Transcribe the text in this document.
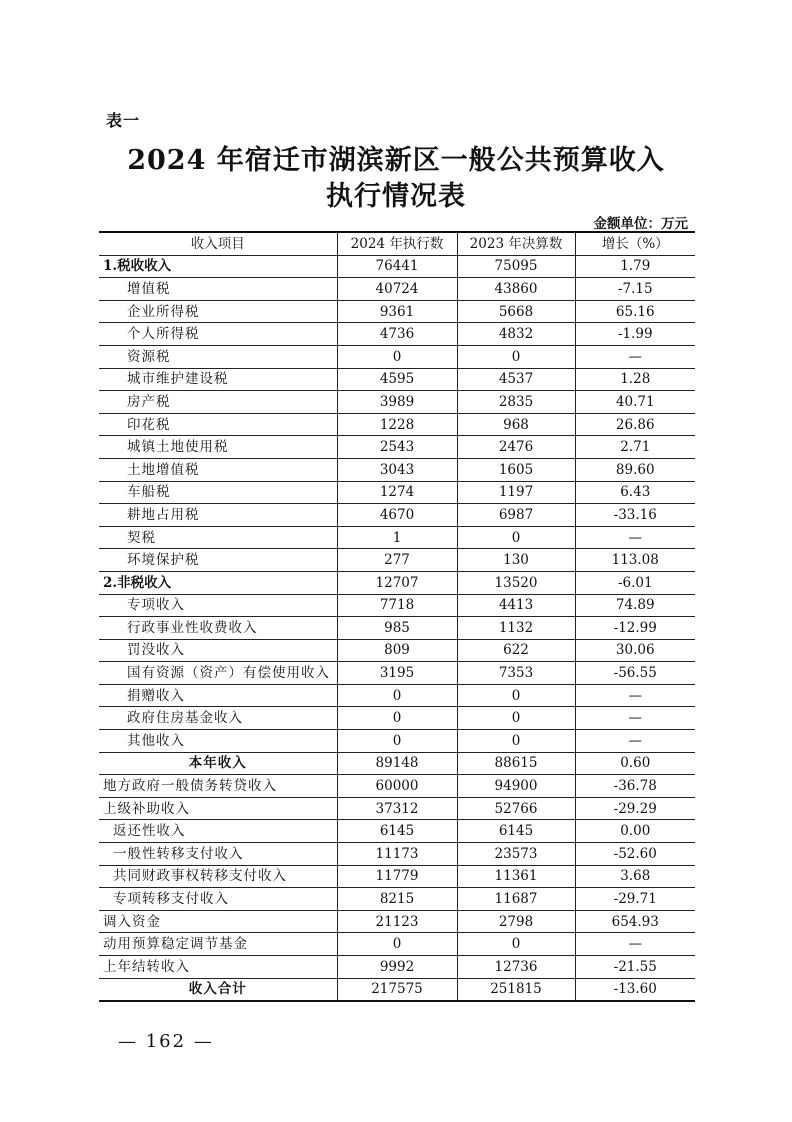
表一
2024 年宿迁市湖滨新区一般公共预算收入
执行情况表
金额单位：万元
收入项目	2024 年执行数	2023 年决算数	增长（%）
1.税收收入	76441	75095	1.79
增值税	40724	43860	-7.15
企业所得税	9361	5668	65.16
个人所得税	4736	4832	-1.99
资源税	0	0	—
城市维护建设税	4595	4537	1.28
房产税	3989	2835	40.71
印花税	1228	968	26.86
城镇土地使用税	2543	2476	2.71
土地增值税	3043	1605	89.60
车船税	1274	1197	6.43
耕地占用税	4670	6987	-33.16
契税	1	0	—
环境保护税	277	130	113.08
2.非税收入	12707	13520	-6.01
专项收入	7718	4413	74.89
行政事业性收费收入	985	1132	-12.99
罚没收入	809	622	30.06
国有资源（资产）有偿使用收入	3195	7353	-56.55
捐赠收入	0	0	—
政府住房基金收入	0	0	—
其他收入	0	0	—
本年收入	89148	88615	0.60
地方政府一般债务转贷收入	60000	94900	-36.78
上级补助收入	37312	52766	-29.29
返还性收入	6145	6145	0.00
一般性转移支付收入	11173	23573	-52.60
共同财政事权转移支付收入	11779	11361	3.68
专项转移支付收入	8215	11687	-29.71
调入资金	21123	2798	654.93
动用预算稳定调节基金	0	0	—
上年结转收入	9992	12736	-21.55
收入合计	217575	251815	-13.60
— 162 —
